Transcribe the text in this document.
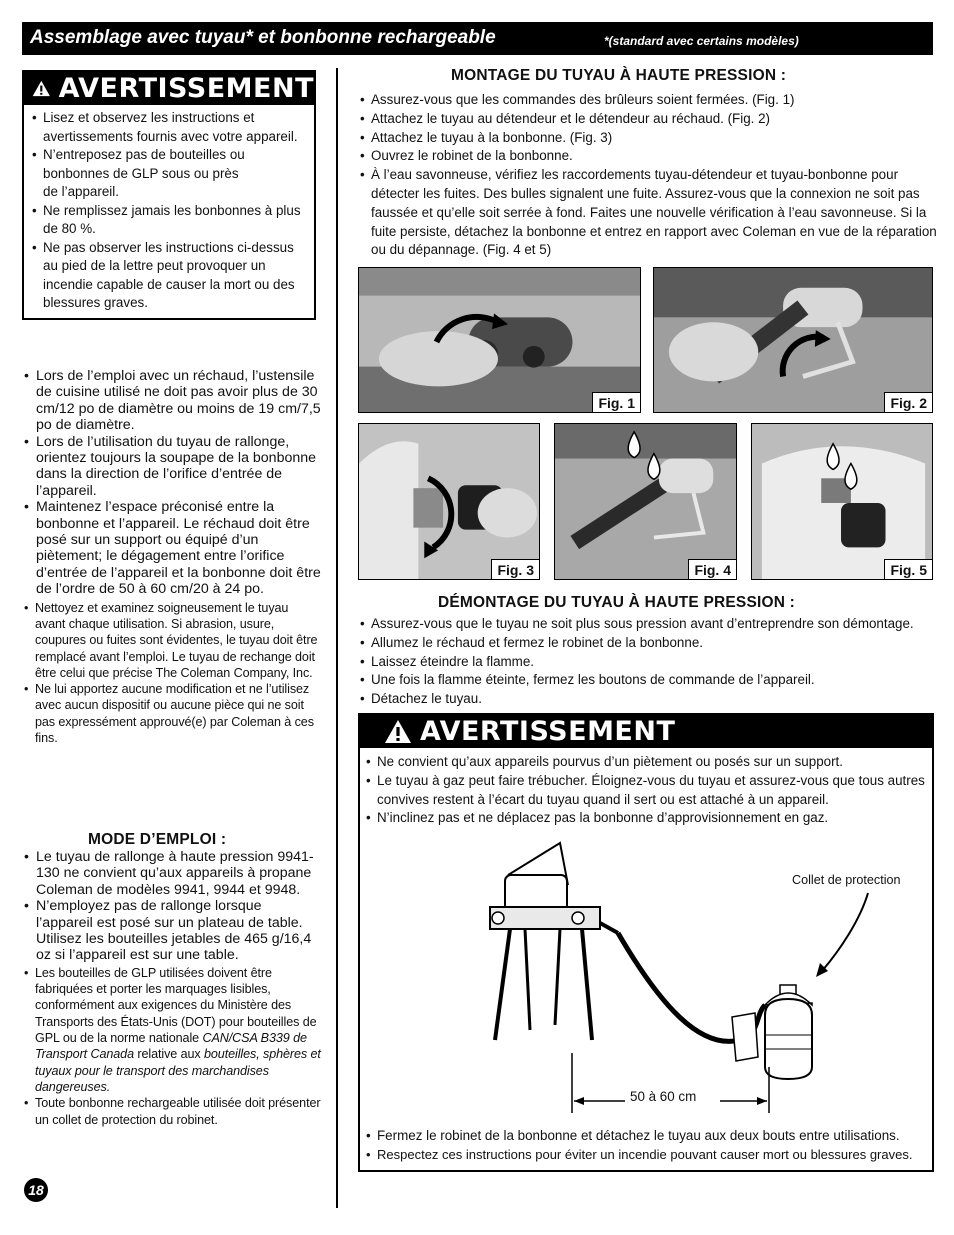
Assemblage avec tuyau* et bonbonne rechargeable	*(standard avec certains modèles)
AVERTISSEMENT
• Lisez et observez les instructions et avertissements fournis avec votre appareil.
• N’entreposez pas de bouteilles ou bonbonnes de GLP sous ou près de l’appareil.
• Ne remplissez jamais les bonbonnes à plus de 80 %.
• Ne pas observer les instructions ci-dessus au pied de la lettre peut provoquer un incendie capable de causer la mort ou des blessures graves.
• Lors de l’emploi avec un réchaud, l’ustensile de cuisine utilisé ne doit pas avoir plus de 30 cm/12 po de diamètre ou moins de 19 cm/7,5 po de diamètre.
• Lors de l’utilisation du tuyau de rallonge, orientez toujours la soupape de la bonbonne dans la direction de l’orifice d’entrée de l’appareil.
• Maintenez l’espace préconisé entre la bonbonne et l’appareil. Le réchaud doit être posé sur un support ou équipé d’un piètement; le dégagement entre l’orifice d’entrée de l’appareil et la bonbonne doit être de l’ordre de 50 à 60 cm/20 à 24 po.
• Nettoyez et examinez soigneusement le tuyau avant chaque utilisation. Si abrasion, usure, coupures ou fuites sont évidentes, le tuyau doit être remplacé avant l’emploi. Le tuyau de rechange doit être celui que précise The Coleman Company, Inc.
• Ne lui apportez aucune modification et ne l’utilisez avec aucun dispositif ou aucune pièce qui ne soit pas expressément approuvé(e) par Coleman à ces fins.
MODE D’EMPLOI :
• Le tuyau de rallonge à haute pression 9941-130 ne convient qu’aux appareils à propane Coleman de modèles 9941, 9944 et 9948.
• N’employez pas de rallonge lorsque l’appareil est posé sur un plateau de table. Utilisez les bouteilles jetables de 465 g/16,4 oz si l’appareil est sur une table.
• Les bouteilles de GLP utilisées doivent être fabriquées et porter les marquages lisibles, conformément aux exigences du Ministère des Transports des États-Unis (DOT) pour bouteilles de GPL ou de la norme nationale CAN/CSA B339 de Transport Canada relative aux bouteilles, sphères et tuyaux pour le transport des marchandises dangereuses.
• Toute bonbonne rechargeable utilisée doit présenter un collet de protection du robinet.
18
MONTAGE DU TUYAU À HAUTE PRESSION :
• Assurez-vous que les commandes des brûleurs soient fermées. (Fig. 1)
• Attachez le tuyau au détendeur et le détendeur au réchaud. (Fig. 2)
• Attachez le tuyau à la bonbonne. (Fig. 3)
• Ouvrez le robinet de la bonbonne.
• À l’eau savonneuse, vérifiez les raccordements tuyau-détendeur et tuyau-bonbonne pour détecter les fuites. Des bulles signalent une fuite. Assurez-vous que la connexion ne soit pas faussée et qu’elle soit serrée à fond. Faites une nouvelle vérification à l’eau savonneuse. Si la fuite persiste, détachez la bonbonne et entrez en rapport avec Coleman en vue de la réparation ou du dépannage. (Fig. 4 et 5)
Fig. 1	Fig. 2
Fig. 3	Fig. 4	Fig. 5
DÉMONTAGE DU TUYAU À HAUTE PRESSION :
• Assurez-vous que le tuyau ne soit plus sous pression avant d’entreprendre son démontage.
• Allumez le réchaud et fermez le robinet de la bonbonne.
• Laissez éteindre la flamme.
• Une fois la flamme éteinte, fermez les boutons de commande de l’appareil.
• Détachez le tuyau.
AVERTISSEMENT
• Ne convient qu’aux appareils pourvus d’un piètement ou posés sur un support.
• Le tuyau à gaz peut faire trébucher. Éloignez-vous du tuyau et assurez-vous que tous autres convives restent à l’écart du tuyau quand il sert ou est attaché à un appareil.
• N’inclinez pas et ne déplacez pas la bonbonne d’approvisionnement en gaz.
Collet de protection
50 à 60 cm
• Fermez le robinet de la bonbonne et détachez le tuyau aux deux bouts entre utilisations.
• Respectez ces instructions pour éviter un incendie pouvant causer mort ou blessures graves.
